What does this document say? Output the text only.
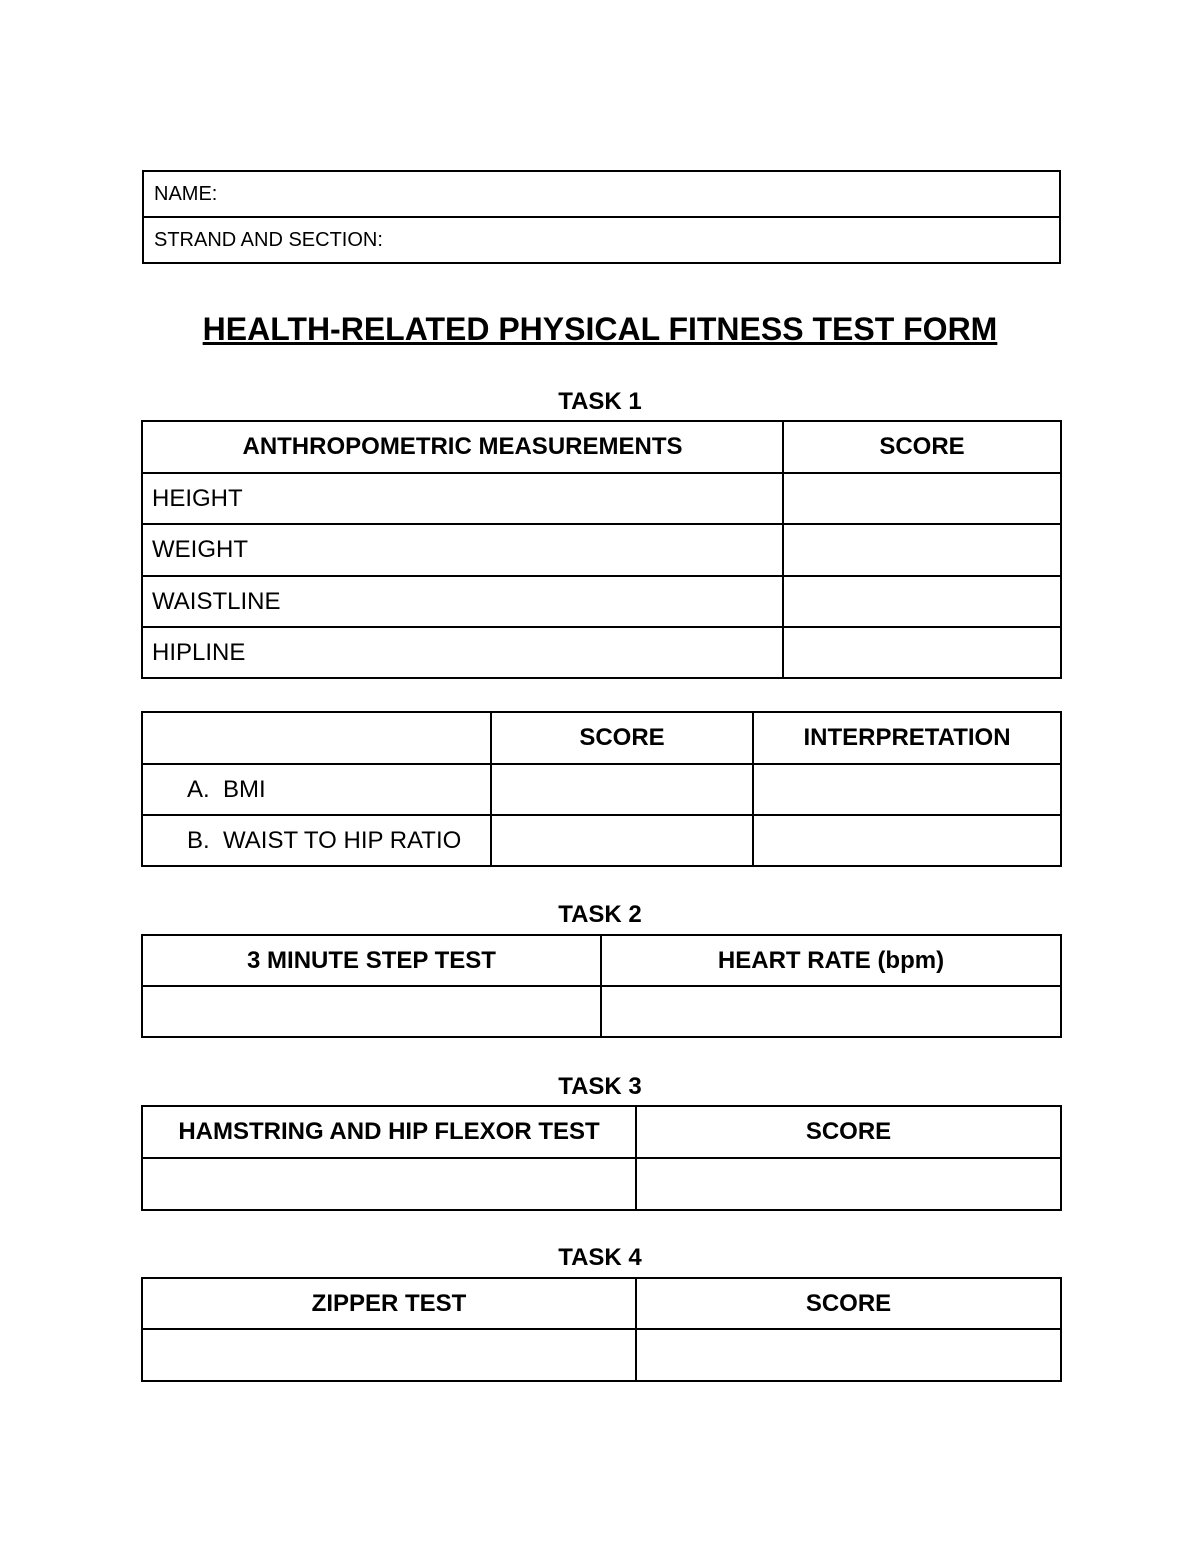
NAME:
STRAND AND SECTION:
HEALTH-RELATED PHYSICAL FITNESS TEST FORM
TASK 1
ANTHROPOMETRIC MEASUREMENTS	SCORE
HEIGHT	
WEIGHT	
WAISTLINE	
HIPLINE	
	SCORE	INTERPRETATION
A.  BMI		
B.  WAIST TO HIP RATIO		
TASK 2
3 MINUTE STEP TEST	HEART RATE (bpm)

TASK 3
HAMSTRING AND HIP FLEXOR TEST	SCORE

TASK 4
ZIPPER TEST	SCORE
